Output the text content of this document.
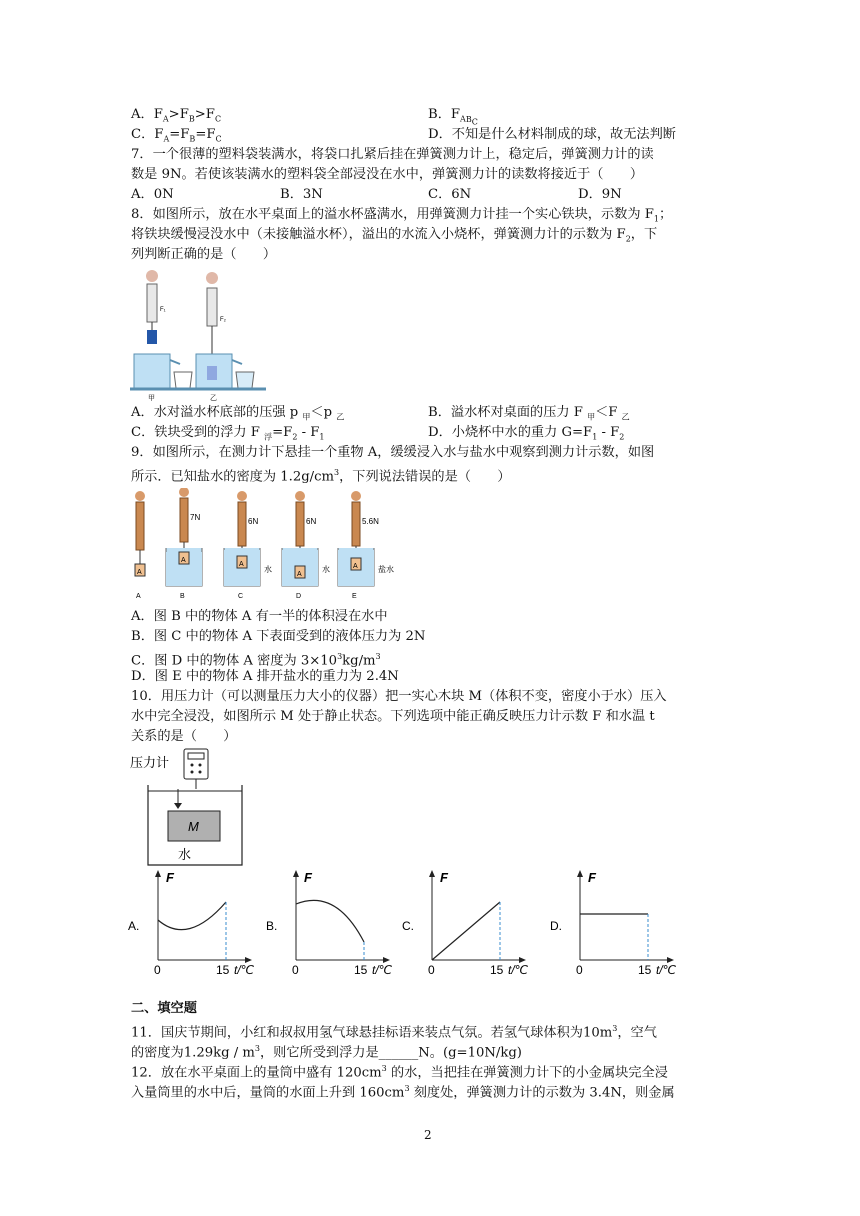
A．$F_A>F_B>F_C$	B．$F_{ABC}$
C．$F_A=F_B=F_C$	D．不知是什么材料制成的球，故无法判断
7．一个很薄的塑料袋装满水，将袋口扎紧后挂在弹簧测力计上，稳定后，弹簧测力计的读
数是 9N。若使该装满水的塑料袋全部浸没在水中，弹簧测力计的读数将接近于（　　）
A．0N	B．3N	C．6N	D．9N
8．如图所示，放在水平桌面上的溢水杯盛满水，用弹簧测力计挂一个实心铁块，示数为 $F_1$；
将铁块缓慢浸没水中（未接触溢水杯），溢出的水流入小烧杯，弹簧测力计的示数为 $F_2$，下
列判断正确的是（　　）
F₁
F₂
甲	乙
A．水对溢水杯底部的压强 p $_甲$＜p $_乙$	B．溢水杯对桌面的压力 F $_甲$＜F $_乙$
C．铁块受到的浮力 F $_浮=F_2 - F_1$	D．小烧杯中水的重力 $G=F_1 - F_2$
9．如图所示，在测力计下悬挂一个重物 A，缓缓浸入水与盐水中观察到测力计示数，如图
所示．已知盐水的密度为 $1.2g/cm^3$，下列说法错误的是（　　）
A
7N
A
6N
A
水
6N
A
水
5.6N
A	盐水
A	B	C	D	E
A．图 B 中的物体 A 有一半的体积浸在水中
B．图 C 中的物体 A 下表面受到的液体压力为 2N
C．图 D 中的物体 A 密度为 $3\times 10^3kg/m^3$
D．图 E 中的物体 A 排开盐水的重力为 2.4N
10．用压力计（可以测量压力大小的仪器）把一实心木块 M（体积不变，密度小于水）压入
水中完全浸没，如图所示 M 处于静止状态。下列选项中能正确反映压力计示数 F 和水温 t
关系的是（　　）
压力计
M
水
A.
F
0	15 t/℃
B.
F
0	15 t/℃
C.
F
0	15 t/℃
D.
F
0	15 t/℃
二、填空题
11．国庆节期间，小红和叔叔用氢气球悬挂标语来装点气氛。若氢气球体积为$10m^3$，空气
的密度为$1.29kg / m^3$，则它所受到浮力是______N。(g=10N/kg)
12．放在水平桌面上的量筒中盛有 $120cm^3$ 的水，当把挂在弹簧测力计下的小金属块完全浸
入量筒里的水中后，量筒的水面上升到 $160cm^3$ 刻度处，弹簧测力计的示数为 3.4N，则金属
2
